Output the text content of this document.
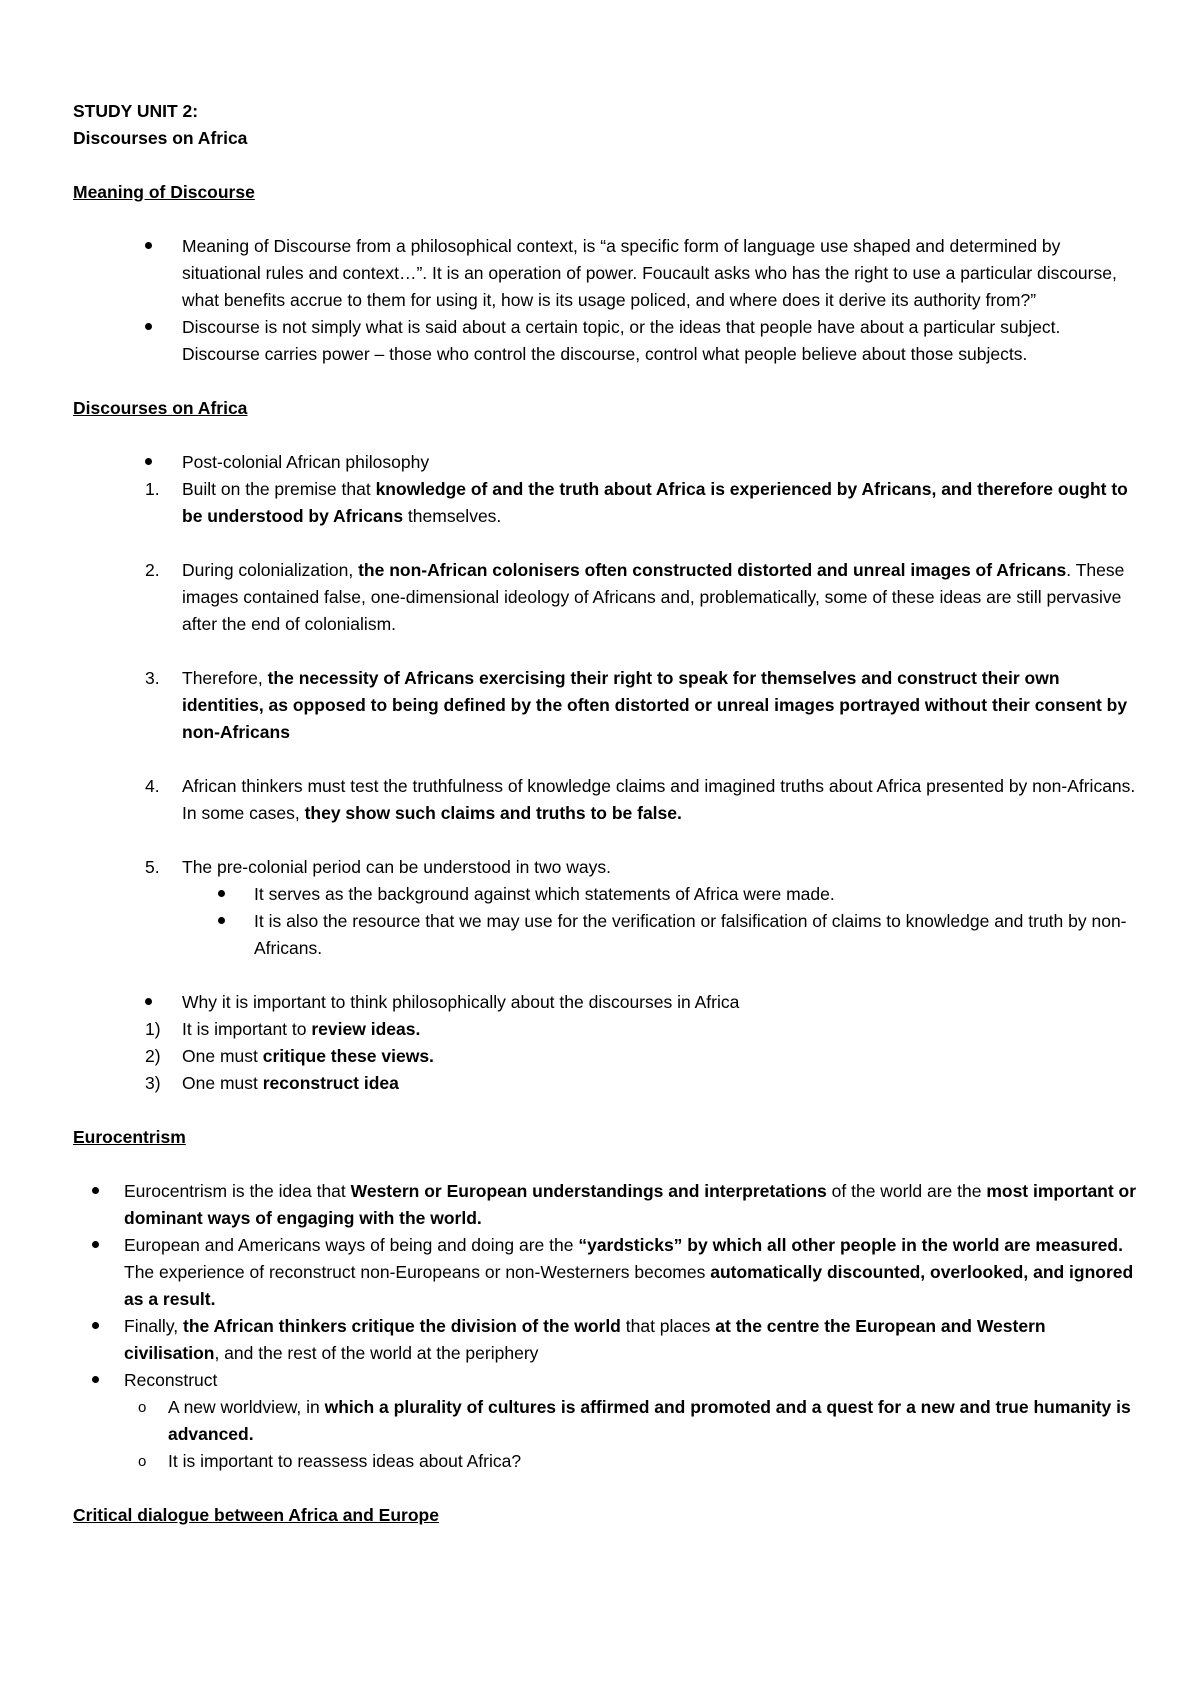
STUDY UNIT 2:
Discourses on Africa
Meaning of Discourse
Meaning of Discourse from a philosophical context, is “a specific form of language use shaped and determined by situational rules and context…”. It is an operation of power. Foucault asks who has the right to use a particular discourse, what benefits accrue to them for using it, how is its usage policed, and where does it derive its authority from?”
Discourse is not simply what is said about a certain topic, or the ideas that people have about a particular subject. Discourse carries power – those who control the discourse, control what people believe about those subjects.
Discourses on Africa
Post-colonial African philosophy
1. Built on the premise that knowledge of and the truth about Africa is experienced by Africans, and therefore ought to be understood by Africans themselves.
2. During colonialization, the non-African colonisers often constructed distorted and unreal images of Africans. These images contained false, one-dimensional ideology of Africans and, problematically, some of these ideas are still pervasive after the end of colonialism.
3. Therefore, the necessity of Africans exercising their right to speak for themselves and construct their own identities, as opposed to being defined by the often distorted or unreal images portrayed without their consent by non-Africans
4. African thinkers must test the truthfulness of knowledge claims and imagined truths about Africa presented by non-Africans. In some cases, they show such claims and truths to be false.
5. The pre-colonial period can be understood in two ways.
It serves as the background against which statements of Africa were made.
It is also the resource that we may use for the verification or falsification of claims to knowledge and truth by non-Africans.
Why it is important to think philosophically about the discourses in Africa
1) It is important to review ideas.
2) One must critique these views.
3) One must reconstruct idea
Eurocentrism
Eurocentrism is the idea that Western or European understandings and interpretations of the world are the most important or dominant ways of engaging with the world.
European and Americans ways of being and doing are the “yardsticks” by which all other people in the world are measured. The experience of reconstruct non-Europeans or non-Westerners becomes automatically discounted, overlooked, and ignored as a result.
Finally, the African thinkers critique the division of the world that places at the centre the European and Western civilisation, and the rest of the world at the periphery
Reconstruct
o A new worldview, in which a plurality of cultures is affirmed and promoted and a quest for a new and true humanity is advanced.
o It is important to reassess ideas about Africa?
Critical dialogue between Africa and Europe
